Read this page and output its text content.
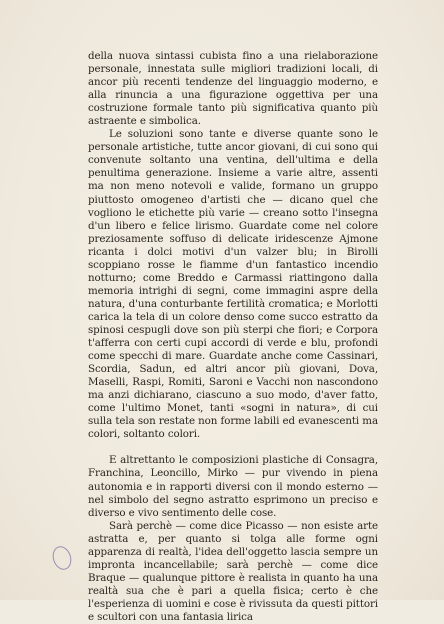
della nuova sintassi cubista fino a una rielaborazione personale, innestata sulle migliori tradizioni locali, di ancor più recenti tendenze del linguaggio moderno, e alla rinuncia a una figurazione oggettiva per una costruzione formale tanto più significativa quanto più astraente e simbolica.

Le soluzioni sono tante e diverse quante sono le personale artistiche, tutte ancor giovani, di cui sono qui convenute soltanto una ventina, dell'ultima e della penultima generazione. Insieme a varie altre, assenti ma non meno notevoli e valide, formano un gruppo piuttosto omogeneo d'artisti che — dicano quel che vogliono le etichette più varie — creano sotto l'insegna d'un libero e felice lirismo. Guardate come nel colore preziosamente soffuso di delicate iridescenze Ajmone ricanta i dolci motivi d'un valzer blu; in Birolli scoppiano rosse le fiamme d'un fantastico incendio notturno; come Breddo e Carmassi riattingono dalla memoria intrighi di segni, come immagini aspre della natura, d'una conturbante fertilità cromatica; e Morlotti carica la tela di un colore denso come succo estratto da spinosi cespugli dove son più sterpi che fiori; e Corpora t'afferra con certi cupi accordi di verde e blu, profondi come specchi di mare. Guardate anche come Cassinari, Scordia, Sadun, ed altri ancor più giovani, Dova, Maselli, Raspi, Romiti, Saroni e Vacchi non nascondono ma anzi dichiarano, ciascuno a suo modo, d'aver fatto, come l'ultimo Monet, tanti «sogni in natura», di cui sulla tela son restate non forme labili ed evanescenti ma colori, soltanto colori.

E altrettanto le composizioni plastiche di Consagra, Franchina, Leoncillo, Mirko — pur vivendo in piena autonomia e in rapporti diversi con il mondo esterno — nel simbolo del segno astratto esprimono un preciso e diverso e vivo sentimento delle cose.

Sarà perchè — come dice Picasso — non esiste arte astratta e, per quanto si tolga alle forme ogni apparenza di realtà, l'idea dell'oggetto lascia sempre un impronta incancellabile; sarà perchè — come dice Braque — qualunque pittore è realista in quanto ha una realtà sua che è pari a quella fisica; certo è che l'esperienza di uomini e cose è rivissuta da questi pittori e scultori con una fantasia lirica
